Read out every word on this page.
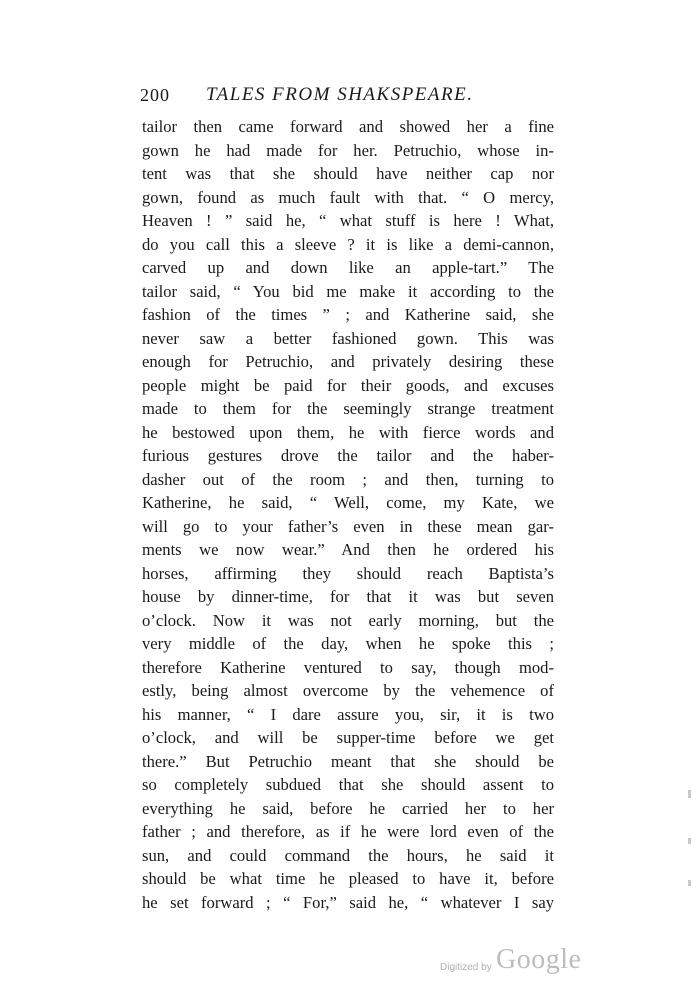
200 TALES FROM SHAKSPEARE.
tailor then came forward and showed her a fine
gown he had made for her. Petruchio, whose in-
tent was that she should have neither cap nor
gown, found as much fault with that. “ O mercy,
Heaven ! ” said he, “ what stuff is here ! What,
do you call this a sleeve ? it is like a demi-cannon,
carved up and down like an apple-tart.” The
tailor said, “ You bid me make it according to the
fashion of the times ” ; and Katherine said, she
never saw a better fashioned gown. This was
enough for Petruchio, and privately desiring these
people might be paid for their goods, and excuses
made to them for the seemingly strange treatment
he bestowed upon them, he with fierce words and
furious gestures drove the tailor and the haber-
dasher out of the room ; and then, turning to
Katherine, he said, “ Well, come, my Kate, we
will go to your father’s even in these mean gar-
ments we now wear.” And then he ordered his
horses, affirming they should reach Baptista’s
house by dinner-time, for that it was but seven
o’clock. Now it was not early morning, but the
very middle of the day, when he spoke this ;
therefore Katherine ventured to say, though mod-
estly, being almost overcome by the vehemence of
his manner, “ I dare assure you, sir, it is two
o’clock, and will be supper-time before we get
there.” But Petruchio meant that she should be
so completely subdued that she should assent to
everything he said, before he carried her to her
father ; and therefore, as if he were lord even of the
sun, and could command the hours, he said it
should be what time he pleased to have it, before
he set forward ; “ For,” said he, “ whatever I say
Digitized by Google
